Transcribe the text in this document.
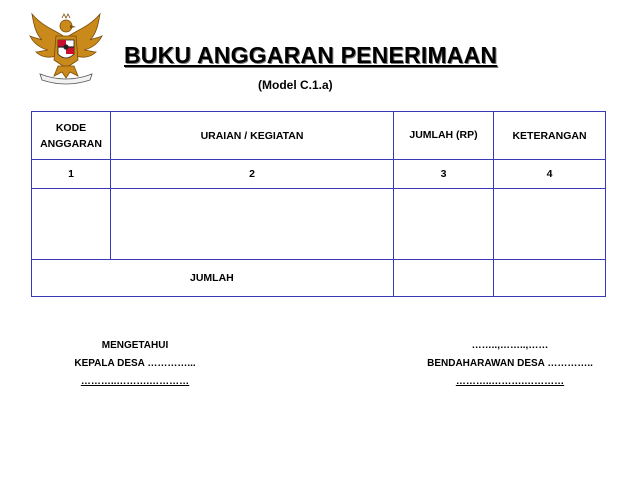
BUKU ANGGARAN PENERIMAAN
(Model C.1.a)
KODE ANGGARAN	URAIAN / KEGIATAN	JUMLAH (RP)	KETERANGAN
1	2	3	4

JUMLAH			
MENGETAHUI
KEPALA DESA …………...
………..……….…………
……..,……..,……
BENDAHARAWAN DESA …………..
………..……….…………
